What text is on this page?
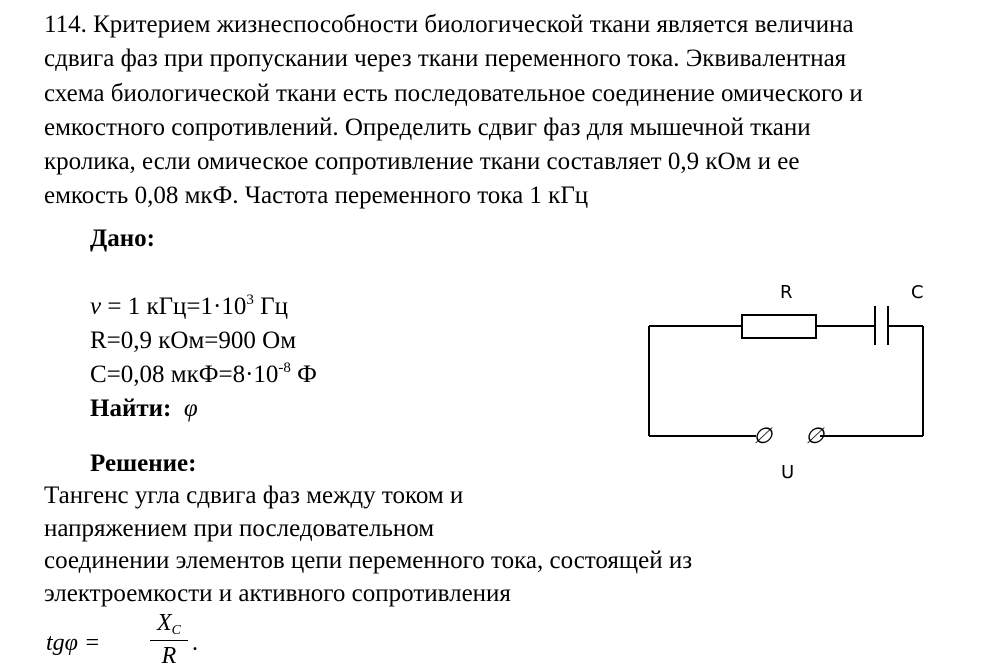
114. Критерием жизнеспособности биологической ткани является величина

сдвига фаз при пропускании через ткани переменного тока. Эквивалентная

схема биологической ткани есть последовательное соединение омического и

емкостного сопротивлений. Определить сдвиг фаз для мышечной ткани

кролика, если омическое сопротивление ткани составляет 0,9 кОм и ее

емкость 0,08 мкФ. Частота переменного тока 1 кГц

Дано:
ν = 1 $кГц=1\cdot 10^3$ Гц
R=0,9 кОм=900 Ом
C=0,08 $мкФ=8\cdot 10^{-8}$ Ф
Найти: φ
R	C
U
∅ ∅
Решение:
Тангенс угла сдвига фаз между током и
напряжением при последовательном
соединении элементов цепи переменного тока, состоящей из
электроемкости и активного сопротивления
tgφ =
$X_C$
R .
